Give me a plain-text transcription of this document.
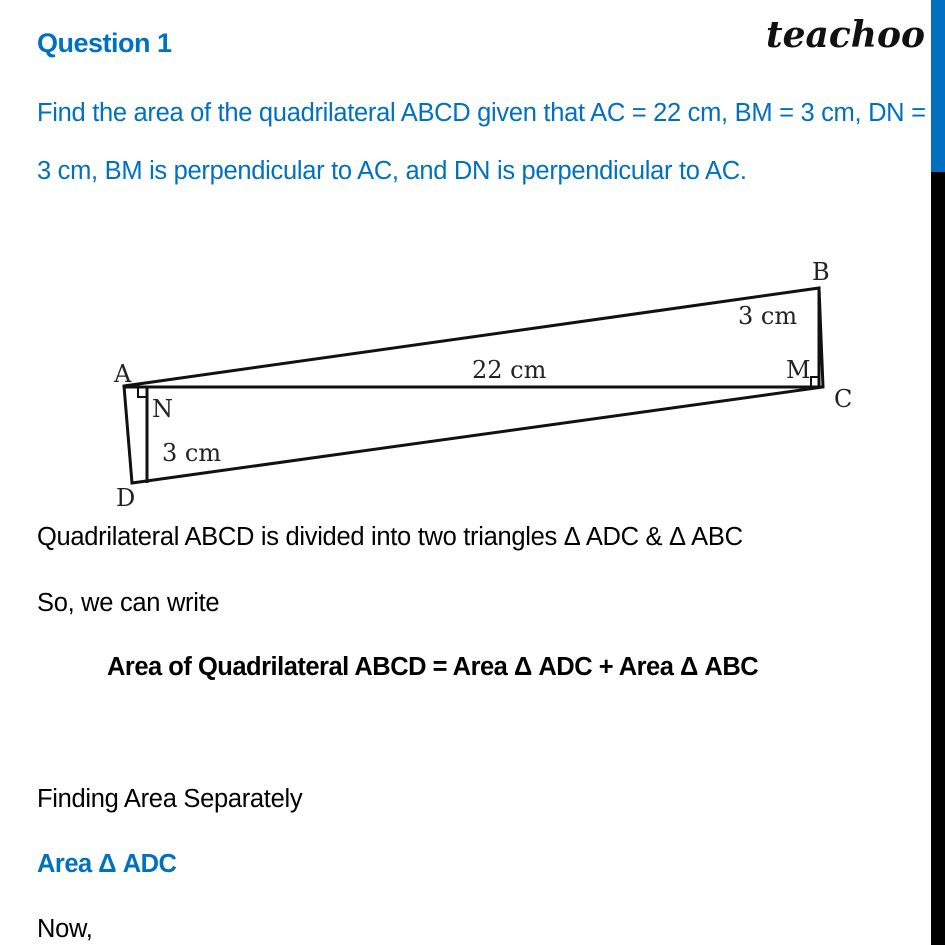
Question 1	teachoo
Find the area of the quadrilateral ABCD given that AC = 22 cm, BM = 3 cm, DN = 3 cm, BM is perpendicular to AC, and DN is perpendicular to AC.
A
B
C
D
M
N
22 cm
3 cm
3 cm
Quadrilateral ABCD is divided into two triangles Δ ADC & Δ ABC
So, we can write
Area of Quadrilateral ABCD = Area Δ ADC + Area Δ ABC
Finding Area Separately
Area Δ ADC
Now,
